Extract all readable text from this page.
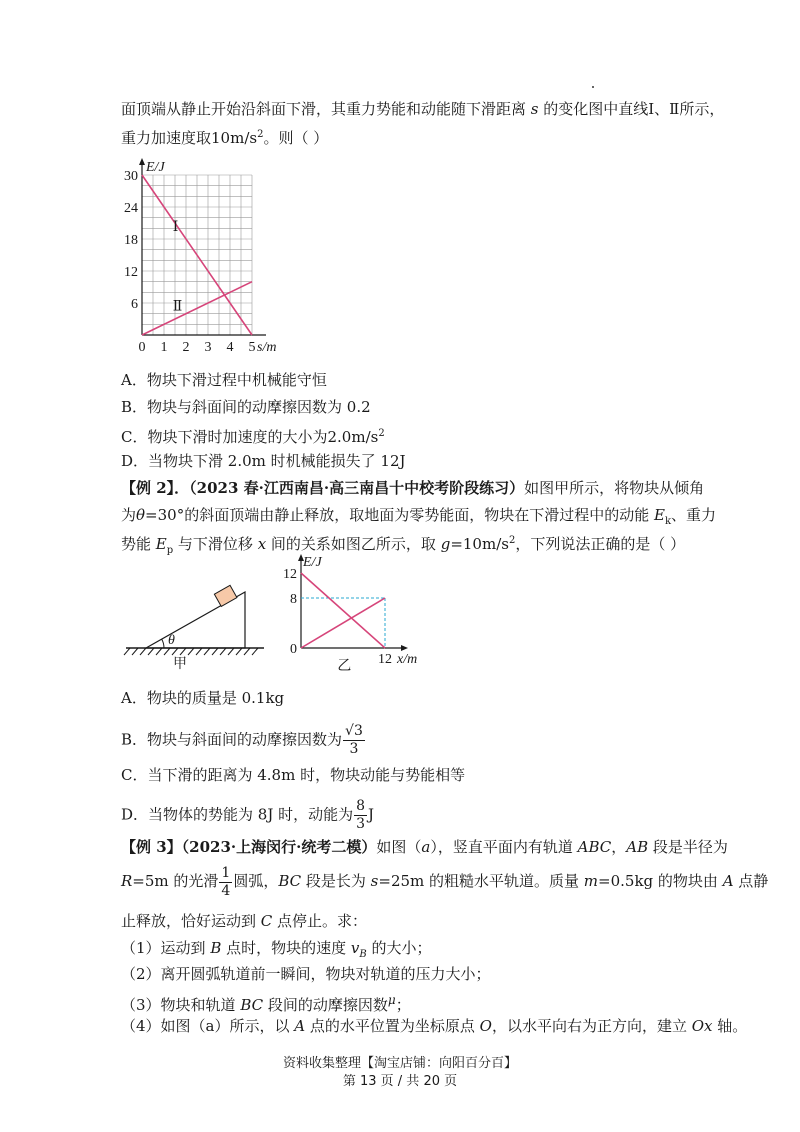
面顶端从静止开始沿斜面下滑，其重力势能和动能随下滑距离 s 的变化图中直线Ⅰ、Ⅱ所示，
重力加速度取$10m/s^2$。则（ ）
6
12
18
24
30
0 1 2 3 4 5
E/J
s/m
Ⅰ
Ⅱ
A．物块下滑过程中机械能守恒
B．物块与斜面间的动摩擦因数为 0.2
C．物块下滑时加速度的大小为$2.0m/s^2$
D．当物块下滑 2.0m 时机械能损失了 12J
【例 2】．（2023 春·江西南昌·高三南昌十中校考阶段练习）如图甲所示，将物块从倾角
为θ=30°的斜面顶端由静止释放，取地面为零势能面，物块在下滑过程中的动能 $E_k$、重力
势能 $E_p$ 与下滑位移 x 间的关系如图乙所示，取 $g=10m/s^2$，下列说法正确的是（ ）
θ
甲
8
12
0
12
E/J
x/m
乙
A．物块的质量是 0.1kg
B．物块与斜面间的动摩擦因数为 $\frac{√3}{3}$
C．当下滑的距离为 4.8m 时，物块动能与势能相等
D．当物体的势能为 8J 时，动能为 $\frac{8}{3}$ J
【例 3】（2023·上海闵行·统考二模）如图（a），竖直平面内有轨道 ABC，AB 段是半径为
R=5m 的光滑 $\frac{1}{4}$ 圆弧，BC 段是长为 s=25m 的粗糙水平轨道。质量 m=0.5kg 的物块由 A 点静
止释放，恰好运动到 C 点停止。求：
（1）运动到 B 点时，物块的速度 $v_B$ 的大小；
（2）离开圆弧轨道前一瞬间，物块对轨道的压力大小；
（3）物块和轨道 BC 段间的动摩擦因数$^\mu$；
（4）如图（a）所示，以 A 点的水平位置为坐标原点 O，以水平向右为正方向，建立 Ox 轴。
资料收集整理【淘宝店铺：向阳百分百】
第 13 页 / 共 20 页
